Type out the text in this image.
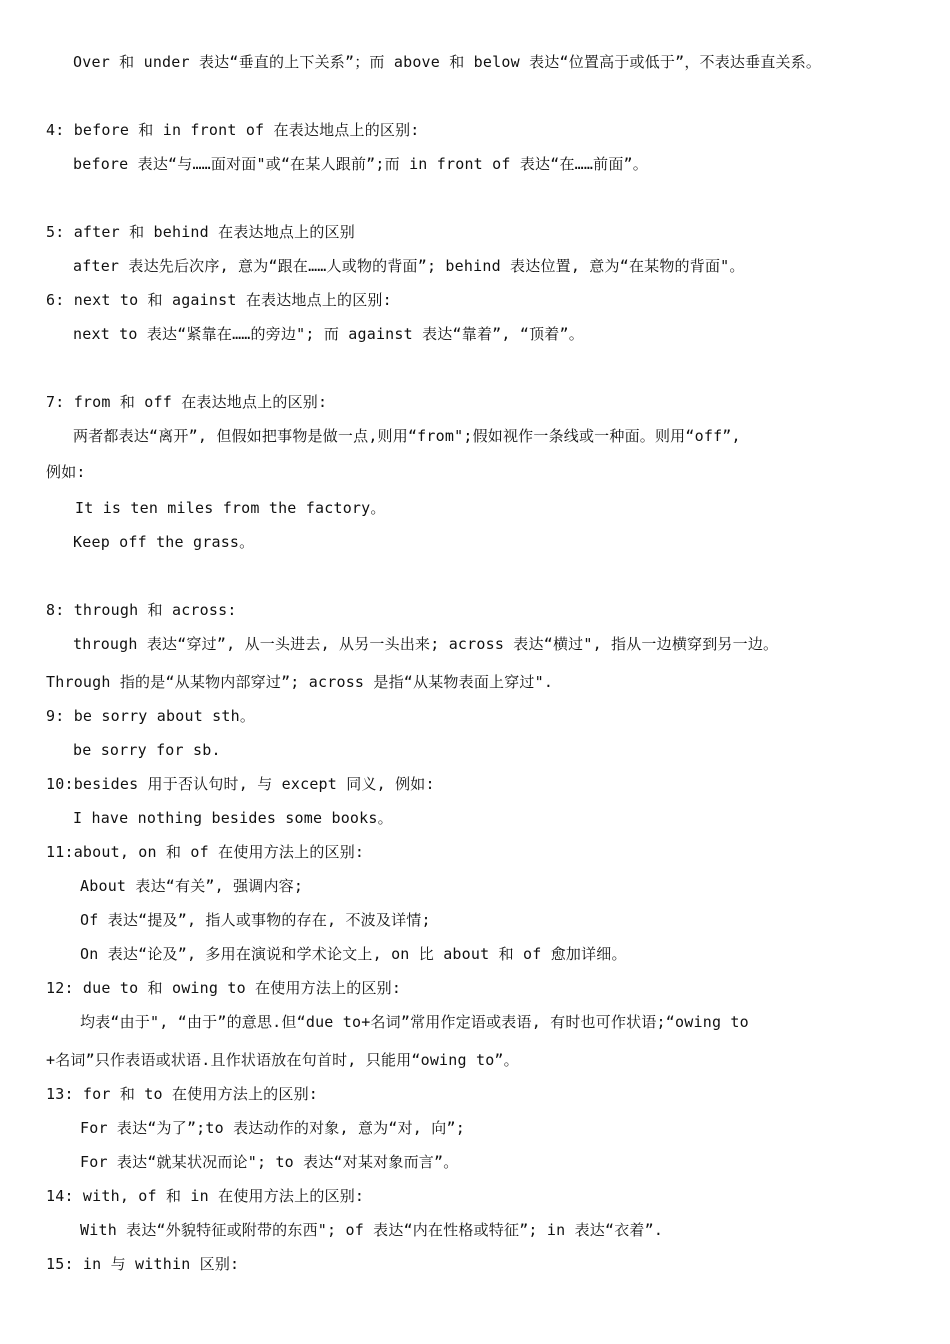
Over 和 under 表达“垂直的上下关系”；而 above 和 below 表达“位置高于或低于”，不表达垂直关系。
4: before 和 in front of 在表达地点上的区别:
before 表达“与……面对面"或“在某人跟前”;而 in front of 表达“在……前面”。
5: after 和 behind 在表达地点上的区别
after 表达先后次序, 意为“跟在……人或物的背面”; behind 表达位置, 意为“在某物的背面"。
6: next to 和 against 在表达地点上的区别:
next to 表达“紧靠在……的旁边"; 而 against 表达“靠着”, “顶着”。
7: from 和 off 在表达地点上的区别:
两者都表达“离开”, 但假如把事物是做一点,则用“from";假如视作一条线或一种面。则用“off”,
例如:
It is ten miles from the factory。
Keep off the grass。
8: through 和 across:
through 表达“穿过”, 从一头进去, 从另一头出来; across 表达“横过", 指从一边横穿到另一边。
Through 指的是“从某物内部穿过”; across 是指“从某物表面上穿过".
9: be sorry about sth。
be sorry for sb.
10:besides 用于否认句时, 与 except 同义, 例如:
I have nothing besides some books。
11:about, on 和 of 在使用方法上的区别:
About 表达“有关”, 强调内容;
Of 表达“提及”, 指人或事物的存在, 不波及详情;
On 表达“论及”, 多用在演说和学术论文上, on 比 about 和 of 愈加详细。
12: due to 和 owing to 在使用方法上的区别:
均表“由于", “由于”的意思.但“due to+名词”常用作定语或表语, 有时也可作状语;“owing to
+名词”只作表语或状语.且作状语放在句首时, 只能用“owing to”。
13: for 和 to 在使用方法上的区别:
For 表达“为了”;to 表达动作的对象, 意为“对, 向”;
For 表达“就某状况而论"; to 表达“对某对象而言”。
14: with, of 和 in 在使用方法上的区别:
With 表达“外貌特征或附带的东西"; of 表达“内在性格或特征”; in 表达“衣着”.
15: in 与 within 区别:
